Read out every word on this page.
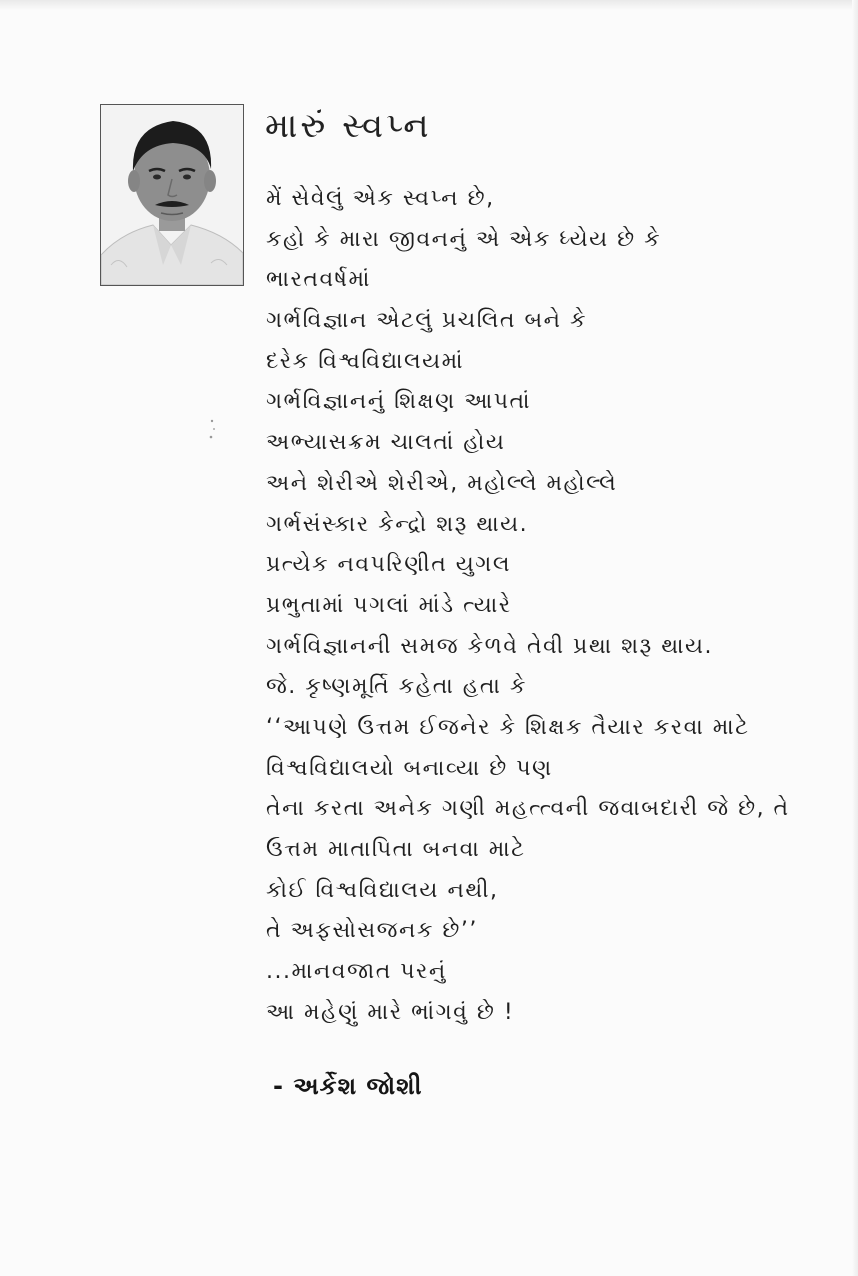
મારું સ્વપ્ન
મેં સેવેલું એક સ્વપ્ન છે,
કહો કે મારા જીવનનું એ એક ધ્યેય છે કે
ભારતવર્ષમાં
ગર્ભવિજ્ઞાન એટલું પ્રચલિત બને કે
દરેક વિશ્વવિદ્યાલયમાં
ગર્ભવિજ્ઞાનનું શિક્ષણ આપતાં
અભ્યાસક્રમ ચાલતાં હોય
અને શેરીએ શેરીએ, મહોલ્લે મહોલ્લે
ગર્ભસંસ્કાર કેન્દ્રો શરૂ થાય.
પ્રત્યેક નવપરિણીત યુગલ
પ્રભુતામાં પગલાં માંડે ત્યારે
ગર્ભવિજ્ઞાનની સમજ કેળવે તેવી પ્રથા શરૂ થાય.
જે. કૃષ્ણમૂર્તિ કહેતા હતા કે
‘‘આપણે ઉત્તમ ઈજનેર કે શિક્ષક તૈયાર કરવા માટે
વિશ્વવિદ્યાલયો બનાવ્યા છે પણ
તેના કરતા અનેક ગણી મહત્ત્વની જવાબદારી જે છે, તે
ઉત્તમ માતાપિતા બનવા માટે
કોઈ વિશ્વવિદ્યાલય નથી,
તે અફસોસજનક છે’’
...માનવજાત પરનું
આ મહેણું મારે ભાંગવું છે !
- અર્કેશ જોશી
